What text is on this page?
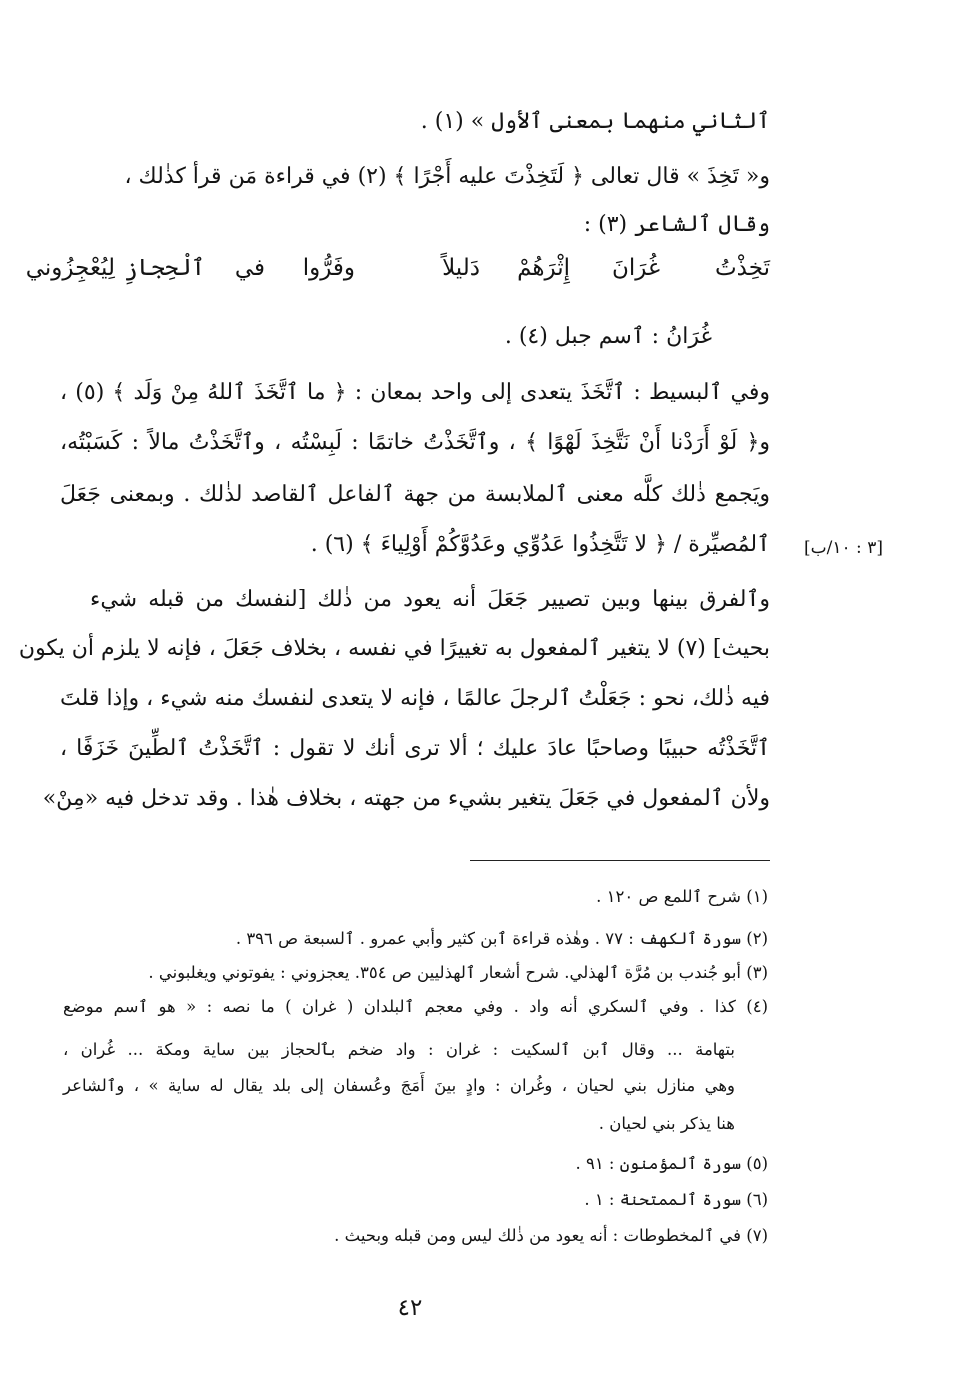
ٱلثاني منهما بمعنى ٱلأول » (١) .
و« تَخِذَ » قال تعالى ﴿ لَتَخِذْتَ عليه أَجْرًا ﴾ (٢) في قراءة مَن قرأ كذٰلك ،
وقال ٱلشاعر (٣) :
تَخِذْتُ
غُرَانَ
إِثْرَهُمْ
دَليلاً
وفَرُّوا
في
ٱلْحِجازِ
لِيُعْجِزُوني
غُرَانُ : ٱسم جبل (٤) .
وفي ٱلبسيط : ٱتَّخَذَ يتعدى إلى واحد بمعان : ﴿ ما ٱتَّخَذَ ٱللهُ مِنْ وَلَد ﴾ (٥) ،
و﴿ لَوْ أَرَدْنا أَنْ نَتَّخِذَ لَهْوًا ﴾ ، وٱتَّخَذْتُ خاتمًا : لَبِسْتُه ، وٱتَّخَذْتُ مالاً : كَسَبْتُه،
ويَجمع ذٰلك كلَّه معنى ٱلملابسة من جهة ٱلفاعل ٱلقاصد لذٰلك . وبمعنى جَعَلَ
ٱلمُصيِّرة / ﴿ لا تَتَّخِذُوا عَدُوِّي وعَدُوَّكُمْ أَوْلِياءَ ﴾ (٦) . [٣ : ١٠/ب]
وٱلفرق بينها وبين تصيير جَعَلَ أنه يعود من ذٰلك [لنفسك من قبله شيء
بحيث] (٧) لا يتغير ٱلمفعول به تغييرًا في نفسه ، بخلاف جَعَلَ ، فإنه لا يلزم أن يكون
فيه ذٰلك، نحو : جَعَلْتُ ٱلرجلَ عالمًا ، فإنه لا يتعدى لنفسك منه شيء ، وإذا قلتَ
ٱتَّخَذْتُه حبيبًا وصاحبًا عادَ عليك ؛ ألا ترى أنك لا تقول : ٱتَّخَذْتُ ٱلطِّينَ خَزَفًا ،
ولأن ٱلمفعول في جَعَلَ يتغير بشيء من جهته ، بخلاف هٰذا . وقد تدخل فيه «مِنْ»
(١) شرح ٱللمع ص ١٢٠ .
(٢) سورة ٱلكهف : ٧٧ . وهٰذه قراءة ٱبن كثير وأبي عمرو . ٱلسبعة ص ٣٩٦ .
(٣) أبو جُندب بن مُرَّة ٱلهذلي. شرح أشعار ٱلهذليين ص ٣٥٤. يعجزوني : يفوتوني ويغلبوني .
(٤) كذا . وفي ٱلسكري أنه واد . وفي معجم ٱلبلدان ( غران ) ما نصه : « هو ٱسم موضع
بتهامة ... وقال ٱبن ٱلسكيت : غران : واد ضخم بٱلحجاز بين ساية ومكة ... غُران ،
وهي منازل بني لحيان ، وغُران : وادٍ بينَ أَمَجَ وعُسفان إلى بلد يقال له ساية » ، وٱلشاعر
هنا يذكر بني لحيان .
(٥) سورة ٱلمؤمنون : ٩١ .
(٦) سورة ٱلممتحنة : ١ .
(٧) في ٱلمخطوطات : أنه يعود من ذٰلك ليس ومن قبله وبحيث .
٤٢
